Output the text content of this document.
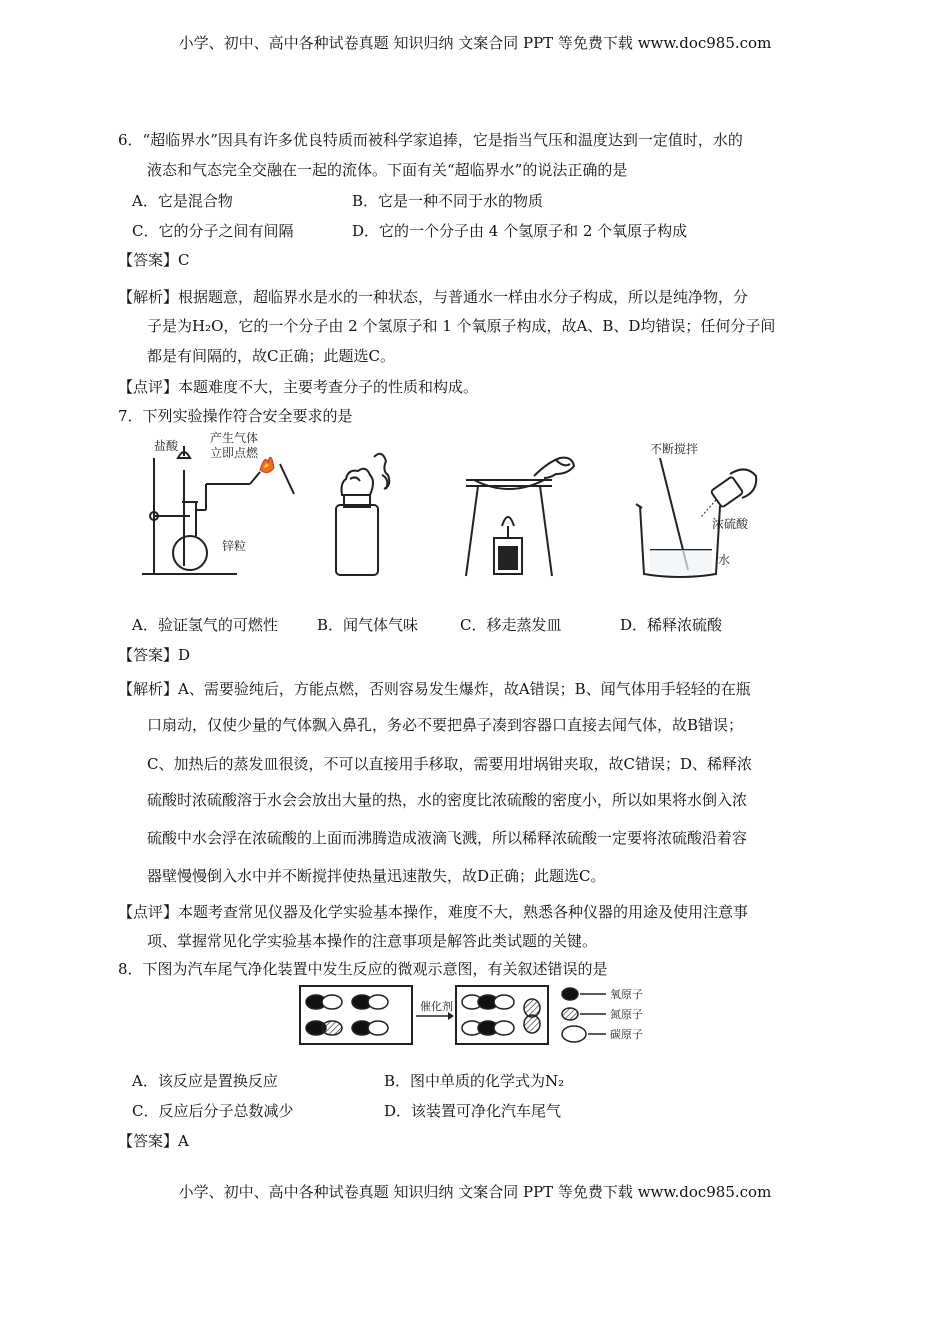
小学、初中、高中各种试卷真题 知识归纳 文案合同 PPT 等免费下载 www.doc985.com
6．“超临界水”因具有许多优良特质而被科学家追捧，它是指当气压和温度达到一定值时，水的
液态和气态完全交融在一起的流体。下面有关“超临界水”的说法正确的是
A．它是混合物	B．它是一种不同于水的物质
C．它的分子之间有间隔	D．它的一个分子由 4 个氢原子和 2 个氧原子构成
【答案】C
【解析】根据题意，超临界水是水的一种状态，与普通水一样由水分子构成，所以是纯净物，分
子是为H₂O，它的一个分子由 2 个氢原子和 1 个氧原子构成，故A、B、D均错误；任何分子间
都是有间隔的，故C正确；此题选C。
【点评】本题难度不大，主要考查分子的性质和构成。
7．下列实验操作符合安全要求的是
盐酸
产生气体
立即点燃
锌粒
不断搅拌
浓硫酸
水
A．验证氢气的可燃性	B．闻气体气味	C．移走蒸发皿	D．稀释浓硫酸
【答案】D
【解析】A、需要验纯后，方能点燃，否则容易发生爆炸，故A错误；B、闻气体用手轻轻的在瓶
口扇动，仅使少量的气体飘入鼻孔，务必不要把鼻子凑到容器口直接去闻气体，故B错误；
C、加热后的蒸发皿很烫，不可以直接用手移取，需要用坩埚钳夹取，故C错误；D、稀释浓
硫酸时浓硫酸溶于水会会放出大量的热，水的密度比浓硫酸的密度小，所以如果将水倒入浓
硫酸中水会浮在浓硫酸的上面而沸腾造成液滴飞溅，所以稀释浓硫酸一定要将浓硫酸沿着容
器壁慢慢倒入水中并不断搅拌使热量迅速散失，故D正确；此题选C。
【点评】本题考查常见仪器及化学实验基本操作，难度不大，熟悉各种仪器的用途及使用注意事
项、掌握常见化学实验基本操作的注意事项是解答此类试题的关键。
8．下图为汽车尾气净化装置中发生反应的微观示意图，有关叙述错误的是
催化剂
氧原子
氮原子
碳原子
A．该反应是置换反应	B．图中单质的化学式为N₂
C．反应后分子总数减少	D．该装置可净化汽车尾气
【答案】A
小学、初中、高中各种试卷真题 知识归纳 文案合同 PPT 等免费下载 www.doc985.com
